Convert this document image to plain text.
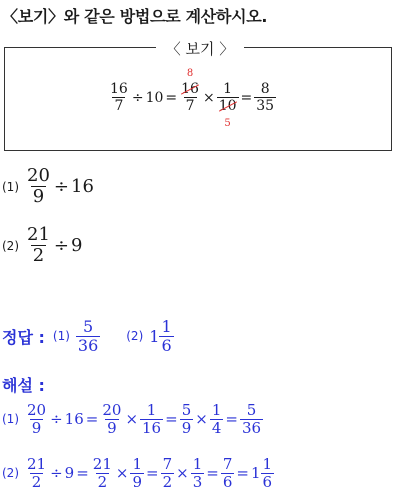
〈보기〉와 같은 방법으로 계산하시오.
〈 보기 〉
$\frac{16}{7} \div 10 = 8$
16
7 × 1
10
$5 = \frac{8}{35}$
$(1) \frac{20}{9} \div 16$
$(2) \frac{21}{2} \div 9$
정답 : $(1) \frac{5}{36} (2)$ $1 \frac{1}{6}$
해설 :
$(1) \frac{20}{9} \div 16 = \frac{20}{9} \times \frac{1}{16} = \frac{5}{9} \times \frac{1}{4} = \frac{5}{36}$
$(2) \frac{21}{2} \div 9 = \frac{21}{2} \times \frac{1}{9} = \frac{7}{2} \times \frac{1}{3} = \frac{7}{6} = 1 \frac{1}{6}$
